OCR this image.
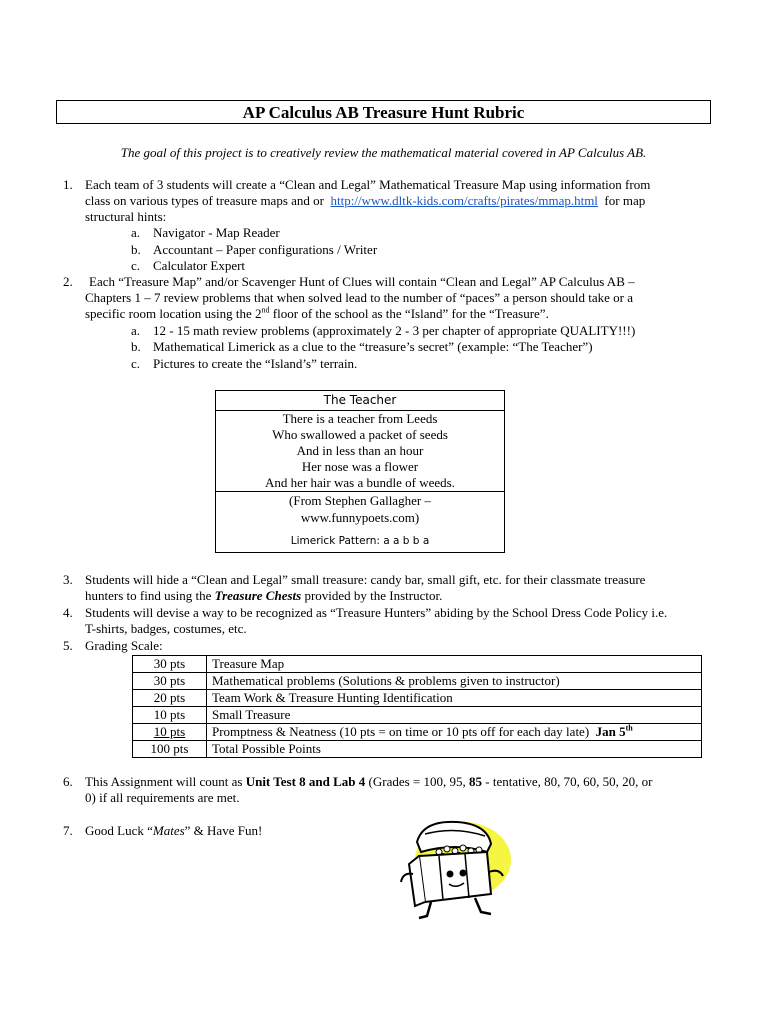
AP Calculus AB Treasure Hunt Rubric
The goal of this project is to creatively review the mathematical material covered in AP Calculus AB.
1. Each team of 3 students will create a “Clean and Legal” Mathematical Treasure Map using information from
class on various types of treasure maps and or http://www.dltk-kids.com/crafts/pirates/mmap.html for map
structural hints:
a. Navigator - Map Reader
b. Accountant – Paper configurations / Writer
c. Calculator Expert
2.	Each “Treasure Map” and/or Scavenger Hunt of Clues will contain “Clean and Legal” AP Calculus AB –
Chapters 1 – 7 review problems that when solved lead to the number of “paces” a person should take or a
specific room location using the 2nd floor of the school as the “Island” for the “Treasure”.
a. 12 - 15 math review problems (approximately 2 - 3 per chapter of appropriate QUALITY!!!)
b. Mathematical Limerick as a clue to the “treasure’s secret” (example: “The Teacher”)
c. Pictures to create the “Island’s” terrain.
The Teacher
There is a teacher from Leeds
Who swallowed a packet of seeds
And in less than an hour
Her nose was a flower
And her hair was a bundle of weeds.
(From Stephen Gallagher –
www.funnypoets.com)
Limerick Pattern: a a b b a
3. Students will hide a “Clean and Legal” small treasure: candy bar, small gift, etc. for their classmate treasure
hunters to find using the Treasure Chests provided by the Instructor.
4. Students will devise a way to be recognized as “Treasure Hunters” abiding by the School Dress Code Policy i.e.
T-shirts, badges, costumes, etc.
5. Grading Scale:
30 pts	Treasure Map
30 pts	Mathematical problems (Solutions & problems given to instructor)
20 pts	Team Work & Treasure Hunting Identification
10 pts	Small Treasure
10 pts	Promptness & Neatness (10 pts = on time or 10 pts off for each day late) Jan 5th
100 pts	Total Possible Points
6. This Assignment will count as Unit Test 8 and Lab 4 (Grades = 100, 95, 85 - tentative, 80, 70, 60, 50, 20, or
0) if all requirements are met.
7. Good Luck “Mates” & Have Fun!
